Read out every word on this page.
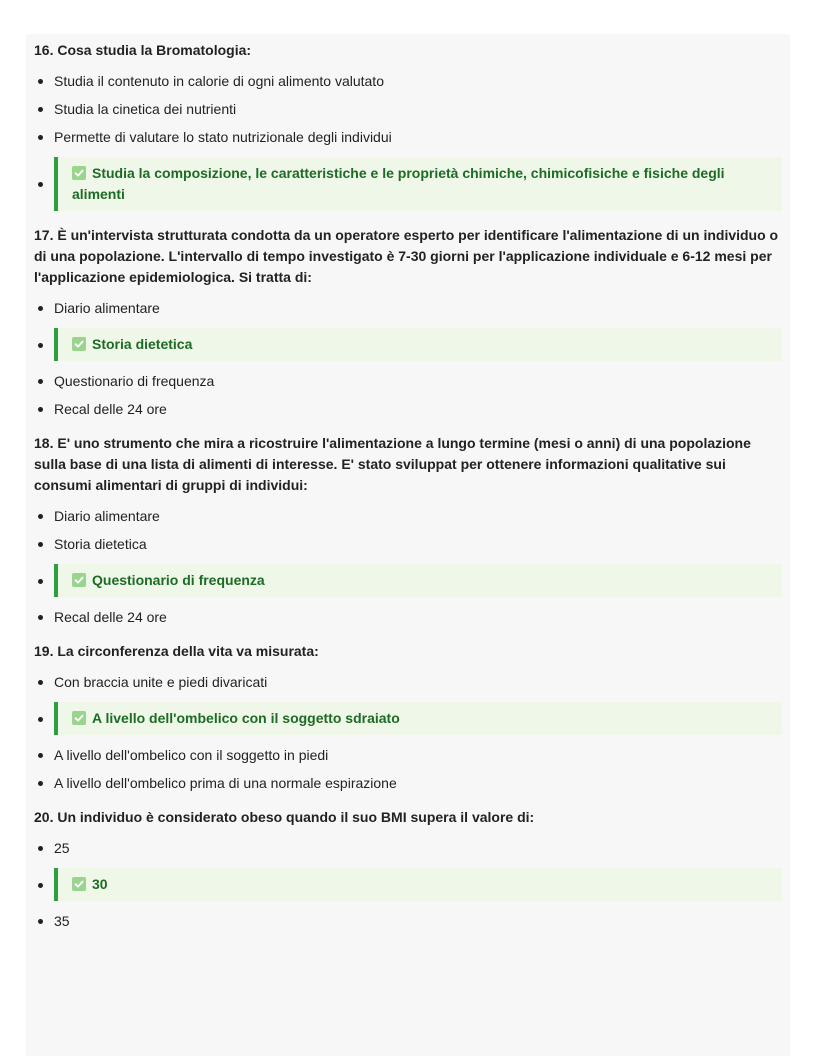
16. Cosa studia la Bromatologia:

Studia il contenuto in calorie di ogni alimento valutato
Studia la cinetica dei nutrienti
Permette di valutare lo stato nutrizionale degli individui
Studia la composizione, le caratteristiche e le proprietà chimiche, chimicofisiche e fisiche degli alimenti

17. È un'intervista strutturata condotta da un operatore esperto per identificare l'alimentazione di un individuo o di una popolazione. L'intervallo di tempo investigato è 7-30 giorni per l'applicazione individuale e 6-12 mesi per l'applicazione epidemiologica. Si tratta di:

Diario alimentare
Storia dietetica
Questionario di frequenza
Recal delle 24 ore

18. E' uno strumento che mira a ricostruire l'alimentazione a lungo termine (mesi o anni) di una popolazione sulla base di una lista di alimenti di interesse. E' stato sviluppat per ottenere informazioni qualitative sui consumi alimentari di gruppi di individui:

Diario alimentare
Storia dietetica
Questionario di frequenza
Recal delle 24 ore

19. La circonferenza della vita va misurata:

Con braccia unite e piedi divaricati
A livello dell'ombelico con il soggetto sdraiato
A livello dell'ombelico con il soggetto in piedi
A livello dell'ombelico prima di una normale espirazione

20. Un individuo è considerato obeso quando il suo BMI supera il valore di:

25
30
35
